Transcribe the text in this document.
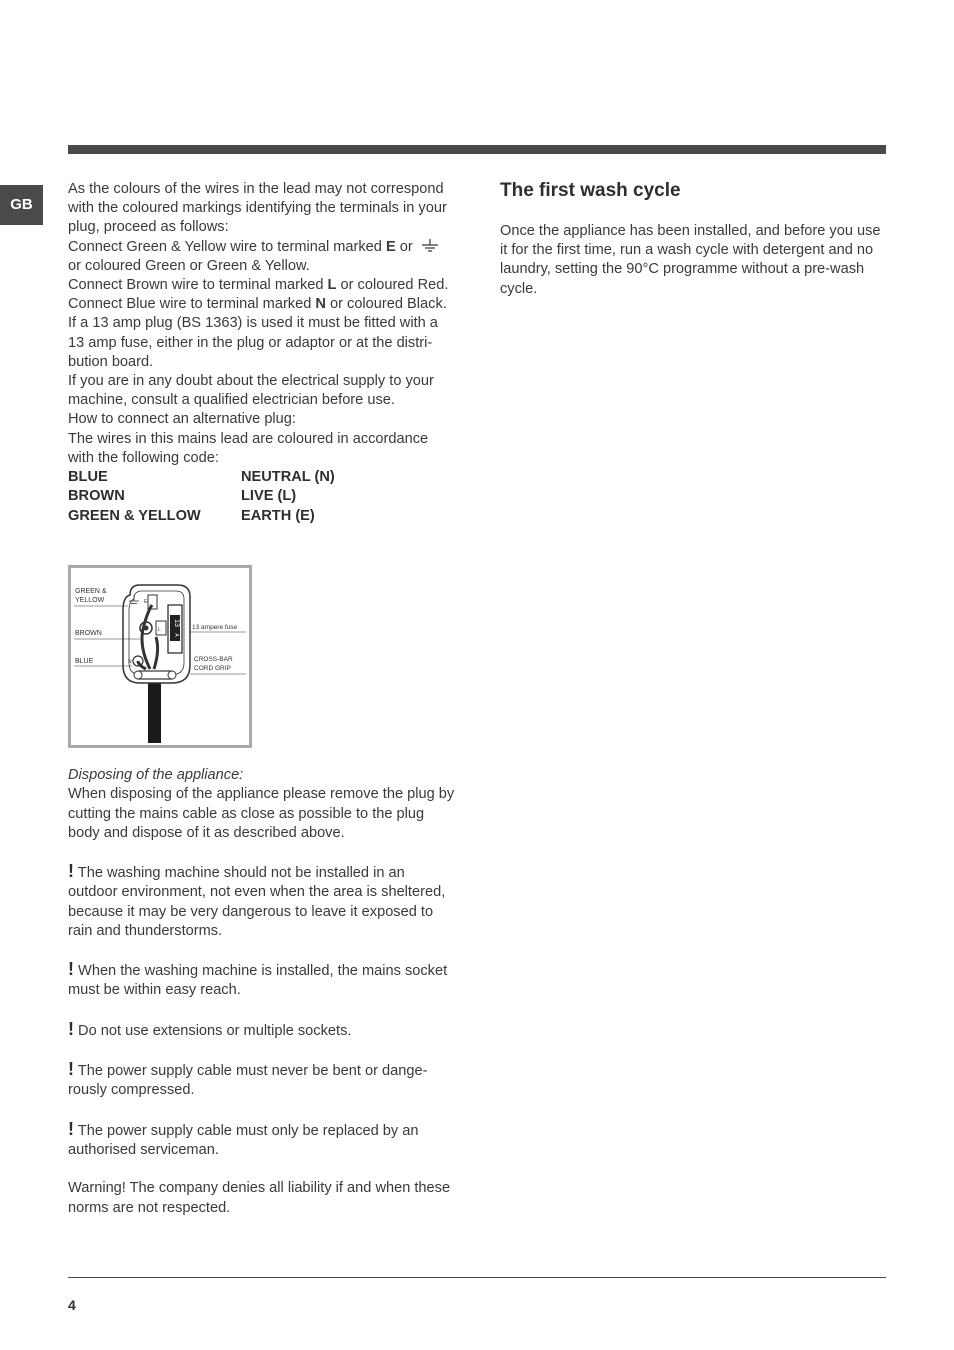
GB

As the colours of the wires in the lead may not correspond with the coloured markings identifying the terminals in your plug, proceed as follows:

Connect Green & Yellow wire to terminal marked E or
or coloured Green or Green & Yellow.

Connect Brown wire to terminal marked L or coloured Red.

Connect Blue wire to terminal marked N or coloured Black.

If a 13 amp plug (BS 1363) is used it must be fitted with a 13 amp fuse, either in the plug or adaptor or at the distri-bution board.

If you are in any doubt about the electrical supply to your machine, consult a qualified electrician before use.

How to connect an alternative plug:

The wires in this mains lead are coloured in accordance with the following code:

BLUE	NEUTRAL (N)
BROWN	LIVE (L)
GREEN & YELLOW	EARTH (E)

Disposing of the appliance:

When disposing of the appliance please remove the plug by cutting the mains cable as close as possible to the plug body and dispose of it as described above.

! The washing machine should not be installed in an outdoor environment, not even when the area is sheltered, because it may be very dangerous to leave it exposed to rain and thunderstorms.

! When the washing machine is installed, the mains socket must be within easy reach.

! Do not use extensions or multiple sockets.

! The power supply cable must never be bent or dange-rously compressed.

! The power supply cable must only be replaced by an authorised serviceman.

Warning! The company denies all liability if and when these norms are not respected.

13
A
E
L
N
GREEN &
YELLOW
BROWN
BLUE
13 ampere fuse
CROSS-BAR
CORD GRIP
The first wash cycle

Once the appliance has been installed, and before you use it for the first time, run a wash cycle with detergent and no laundry, setting the 90°C programme without a pre-wash cycle.

4
